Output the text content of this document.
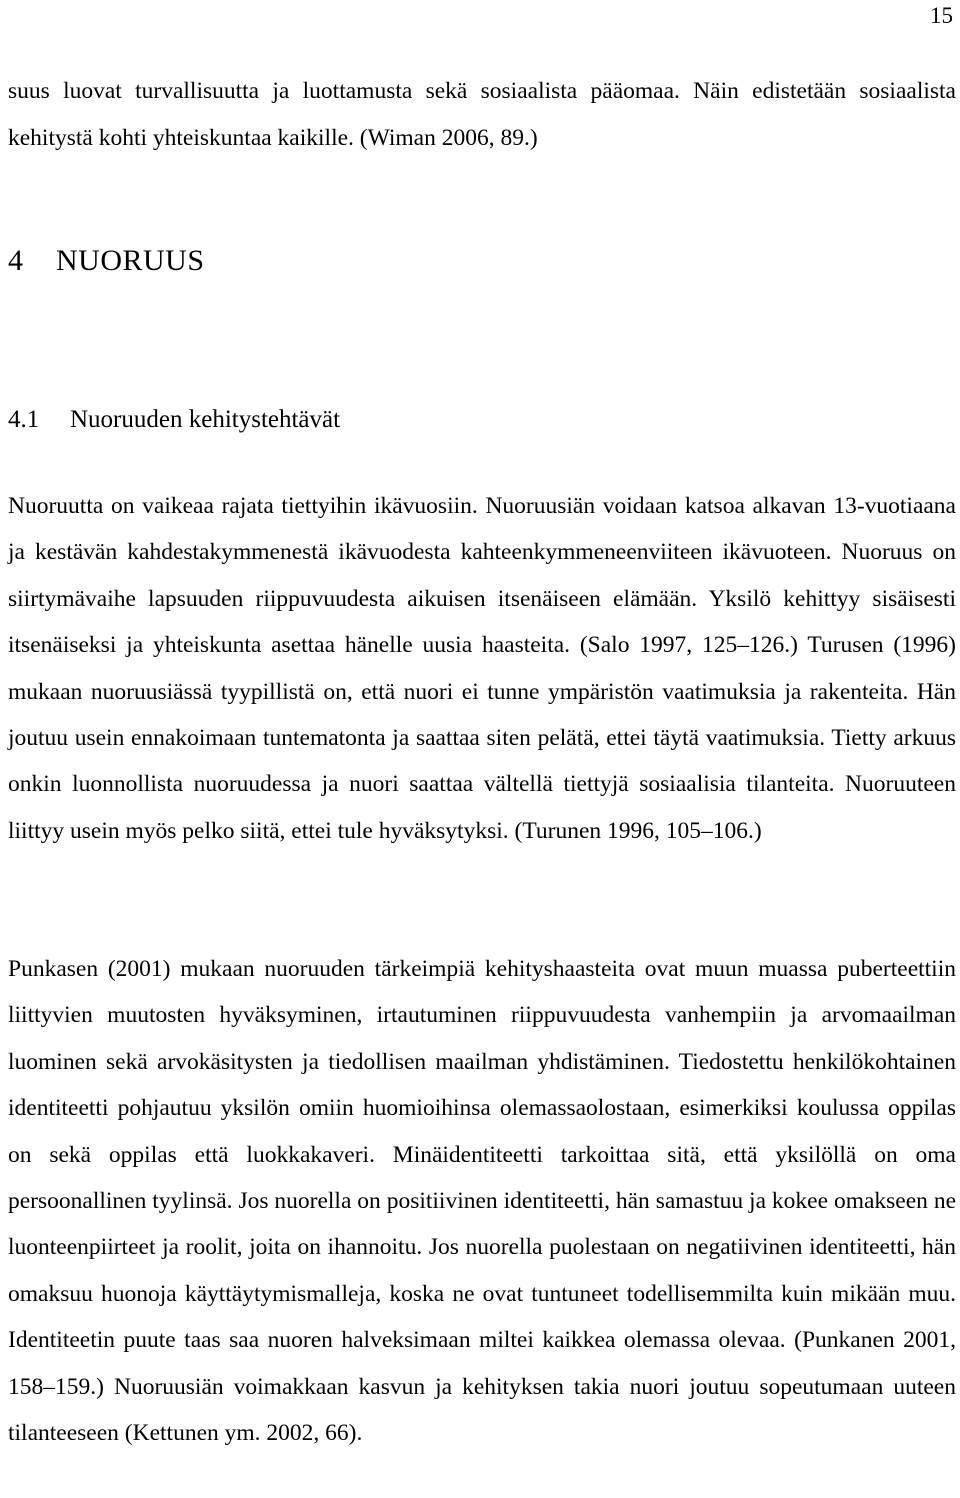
15

suus luovat turvallisuutta ja luottamusta sekä sosiaalista pääomaa. Näin edistetään sosiaalista kehitystä kohti yhteiskuntaa kaikille. (Wiman 2006, 89.)

4 NUORUUS
4.1 Nuoruuden kehitystehtävät

Nuoruutta on vaikeaa rajata tiettyihin ikävuosiin. Nuoruusiän voidaan katsoa alkavan 13-vuotiaana ja kestävän kahdestakymmenestä ikävuodesta kahteenkymmeneenviiteen ikävuoteen. Nuoruus on siirtymävaihe lapsuuden riippuvuudesta aikuisen itsenäiseen elämään. Yksilö kehittyy sisäisesti itsenäiseksi ja yhteiskunta asettaa hänelle uusia haasteita. (Salo 1997, 125–126.) Turusen (1996) mukaan nuoruusiässä tyypillistä on, että nuori ei tunne ympäristön vaatimuksia ja rakenteita. Hän joutuu usein ennakoimaan tuntematonta ja saattaa siten pelätä, ettei täytä vaatimuksia. Tietty arkuus onkin luonnollista nuoruudessa ja nuori saattaa vältellä tiettyjä sosiaalisia tilanteita. Nuoruuteen liittyy usein myös pelko siitä, ettei tule hyväksytyksi. (Turunen 1996, 105–106.)

Punkasen (2001) mukaan nuoruuden tärkeimpiä kehityshaasteita ovat muun muassa puberteettiin liittyvien muutosten hyväksyminen, irtautuminen riippuvuudesta vanhempiin ja arvomaailman luominen sekä arvokäsitysten ja tiedollisen maailman yhdistäminen. Tiedostettu henkilökohtainen identiteetti pohjautuu yksilön omiin huomioihinsa olemassaolostaan, esimerkiksi koulussa oppilas on sekä oppilas että luokkakaveri. Minäidentiteetti tarkoittaa sitä, että yksilöllä on oma persoonallinen tyylinsä. Jos nuorella on positiivinen identiteetti, hän samastuu ja kokee omakseen ne luonteenpiirteet ja roolit, joita on ihannoitu. Jos nuorella puolestaan on negatiivinen identiteetti, hän omaksuu huonoja käyttäytymismalleja, koska ne ovat tuntuneet todellisemmilta kuin mikään muu. Identiteetin puute taas saa nuoren halveksimaan miltei kaikkea olemassa olevaa. (Punkanen 2001, 158–159.) Nuoruusiän voimakkaan kasvun ja kehityksen takia nuori joutuu sopeutumaan uuteen tilanteeseen (Kettunen ym. 2002, 66).
